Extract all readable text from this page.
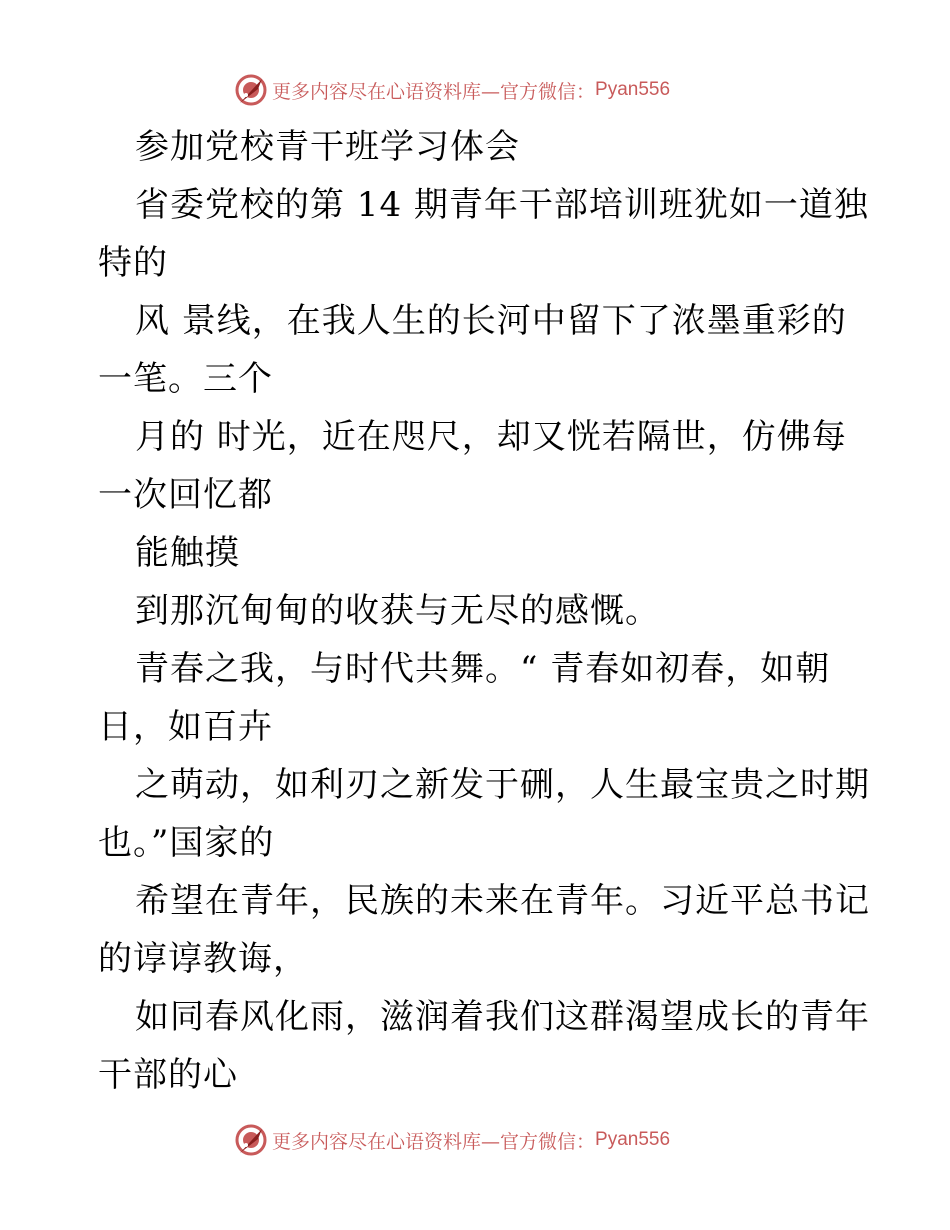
更多内容尽在心语资料库—官方微信： Pyan556
参加党校青干班学习体会
省委党校的第 14 期青年干部培训班犹如一道独
特的
风 景线，在我人生的长河中留下了浓墨重彩的
一笔。三个
月的 时光，近在咫尺，却又恍若隔世，仿佛每
一次回忆都
能触摸
到那沉甸甸的收获与无尽的感慨。
青春之我，与时代共舞。“ 青春如初春，如朝
日，如百卉
之萌动，如利刃之新发于硎，人生最宝贵之时期
也。”国家的
希望在青年，民族的未来在青年。习近平总书记
的谆谆教诲，
如同春风化雨，滋润着我们这群渴望成长的青年
干部的心
更多内容尽在心语资料库—官方微信： Pyan556
